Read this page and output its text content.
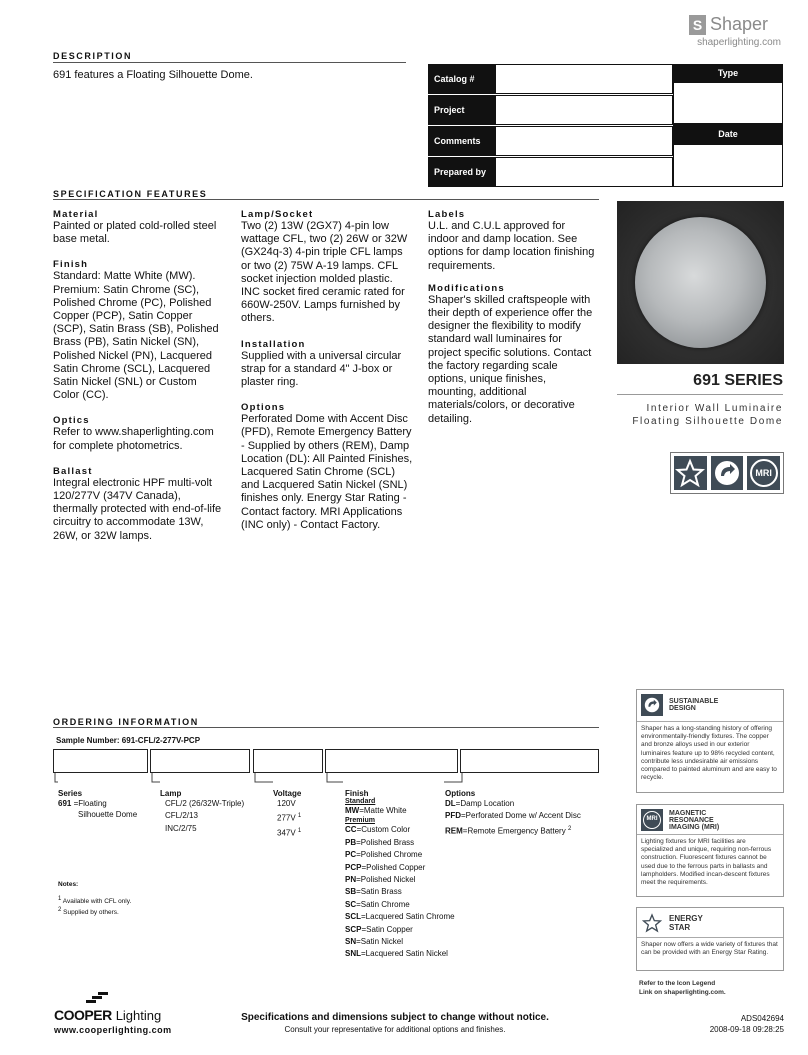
S Shaper
shaperlighting.com
DESCRIPTION
691 features a Floating Silhouette Dome.	Catalog #
Project
Comments
Prepared by
Type
Date
SPECIFICATION FEATURES
Material
Painted or plated cold-rolled steel base metal.
Finish
Standard: Matte White (MW). Premium: Satin Chrome (SC), Polished Chrome (PC), Polished Copper (PCP), Satin Copper (SCP), Satin Brass (SB), Polished Brass (PB), Satin Nickel (SN), Polished Nickel (PN), Lacquered Satin Chrome (SCL), Lacquered Satin Nickel (SNL) or Custom Color (CC).
Optics
Refer to www.shaperlighting.com for complete photometrics.
Ballast
Integral electronic HPF multi-volt 120/277V (347V Canada), thermally protected with end-of-life circuitry to accommodate 13W, 26W, or 32W lamps.
Lamp/Socket
Two (2) 13W (2GX7) 4-pin low wattage CFL, two (2) 26W or 32W (GX24q-3) 4-pin triple CFL lamps or two (2) 75W A-19 lamps. CFL socket injection molded plastic. INC socket fired ceramic rated for 660W-250V. Lamps furnished by others.
Installation
Supplied with a universal circular strap for a standard 4" J-box or plaster ring.
Options
Perforated Dome with Accent Disc (PFD), Remote Emergency Battery - Supplied by others (REM), Damp Location (DL): All Painted Finishes, Lacquered Satin Chrome (SCL) and Lacquered Satin Nickel (SNL) finishes only. Energy Star Rating - Contact factory. MRI Applications (INC only) - Contact Factory.
Labels
U.L. and C.U.L approved for indoor and damp location. See options for damp location finishing requirements.
Modifications
Shaper's skilled craftspeople with their depth of experience offer the designer the flexibility to modify standard wall luminaires for project specific solutions. Contact the factory regarding scale options, unique finishes, mounting, additional materials/colors, or decorative detailing.
691 SERIES
Interior Wall Luminaire
Floating Silhouette Dome
MRI
ORDERING INFORMATION
Sample Number: 691-CFL/2-277V-PCP
Series
691 =Floating
Silhouette Dome
Lamp
CFL/2 (26/32W-Triple)
CFL/2/13
INC/2/75
Voltage
120V
277V $^1$
347V $^1$
Finish
Standard
MW=Matte White
Premium
CC=Custom Color
PB=Polished Brass
PC=Polished Chrome
PCP=Polished Copper
PN=Polished Nickel
SB=Satin Brass
SC=Satin Chrome
SCL=Lacquered Satin Chrome
SCP=Satin Copper
SN=Satin Nickel
SNL=Lacquered Satin Nickel
Options
DL=Damp Location
PFD=Perforated Dome w/ Accent Disc
REM=Remote Emergency Battery $^2$
Notes:
$^1$ Available with CFL only.
$^2$ Supplied by others.
SUSTAINABLE
DESIGN
Shaper has a long-standing history of offering environmentally-friendly fixtures. The copper and bronze alloys used in our exterior luminaires feature up to 98% recycled content, contribute less undesirable air emissions compared to painted aluminum and are easy to recycle.
MRI
MAGNETIC
RESONANCE
IMAGING (MRI)
Lighting fixtures for MRI facilities are specialized and unique, requiring non-ferrous construction. Fluorescent fixtures cannot be used due to the ferrous parts in ballasts and lampholders. Modified incan-descent fixtures meet the requirements.
ENERGY
STAR
Shaper now offers a wide variety of fixtures that can be provided with an Energy Star Rating.
Refer to the Icon Legend
Link on shaperlighting.com.
COOPER Lighting
www.cooperlighting.com
Specifications and dimensions subject to change without notice.
Consult your representative for additional options and finishes.
ADS042694
2008-09-18 09:28:25
